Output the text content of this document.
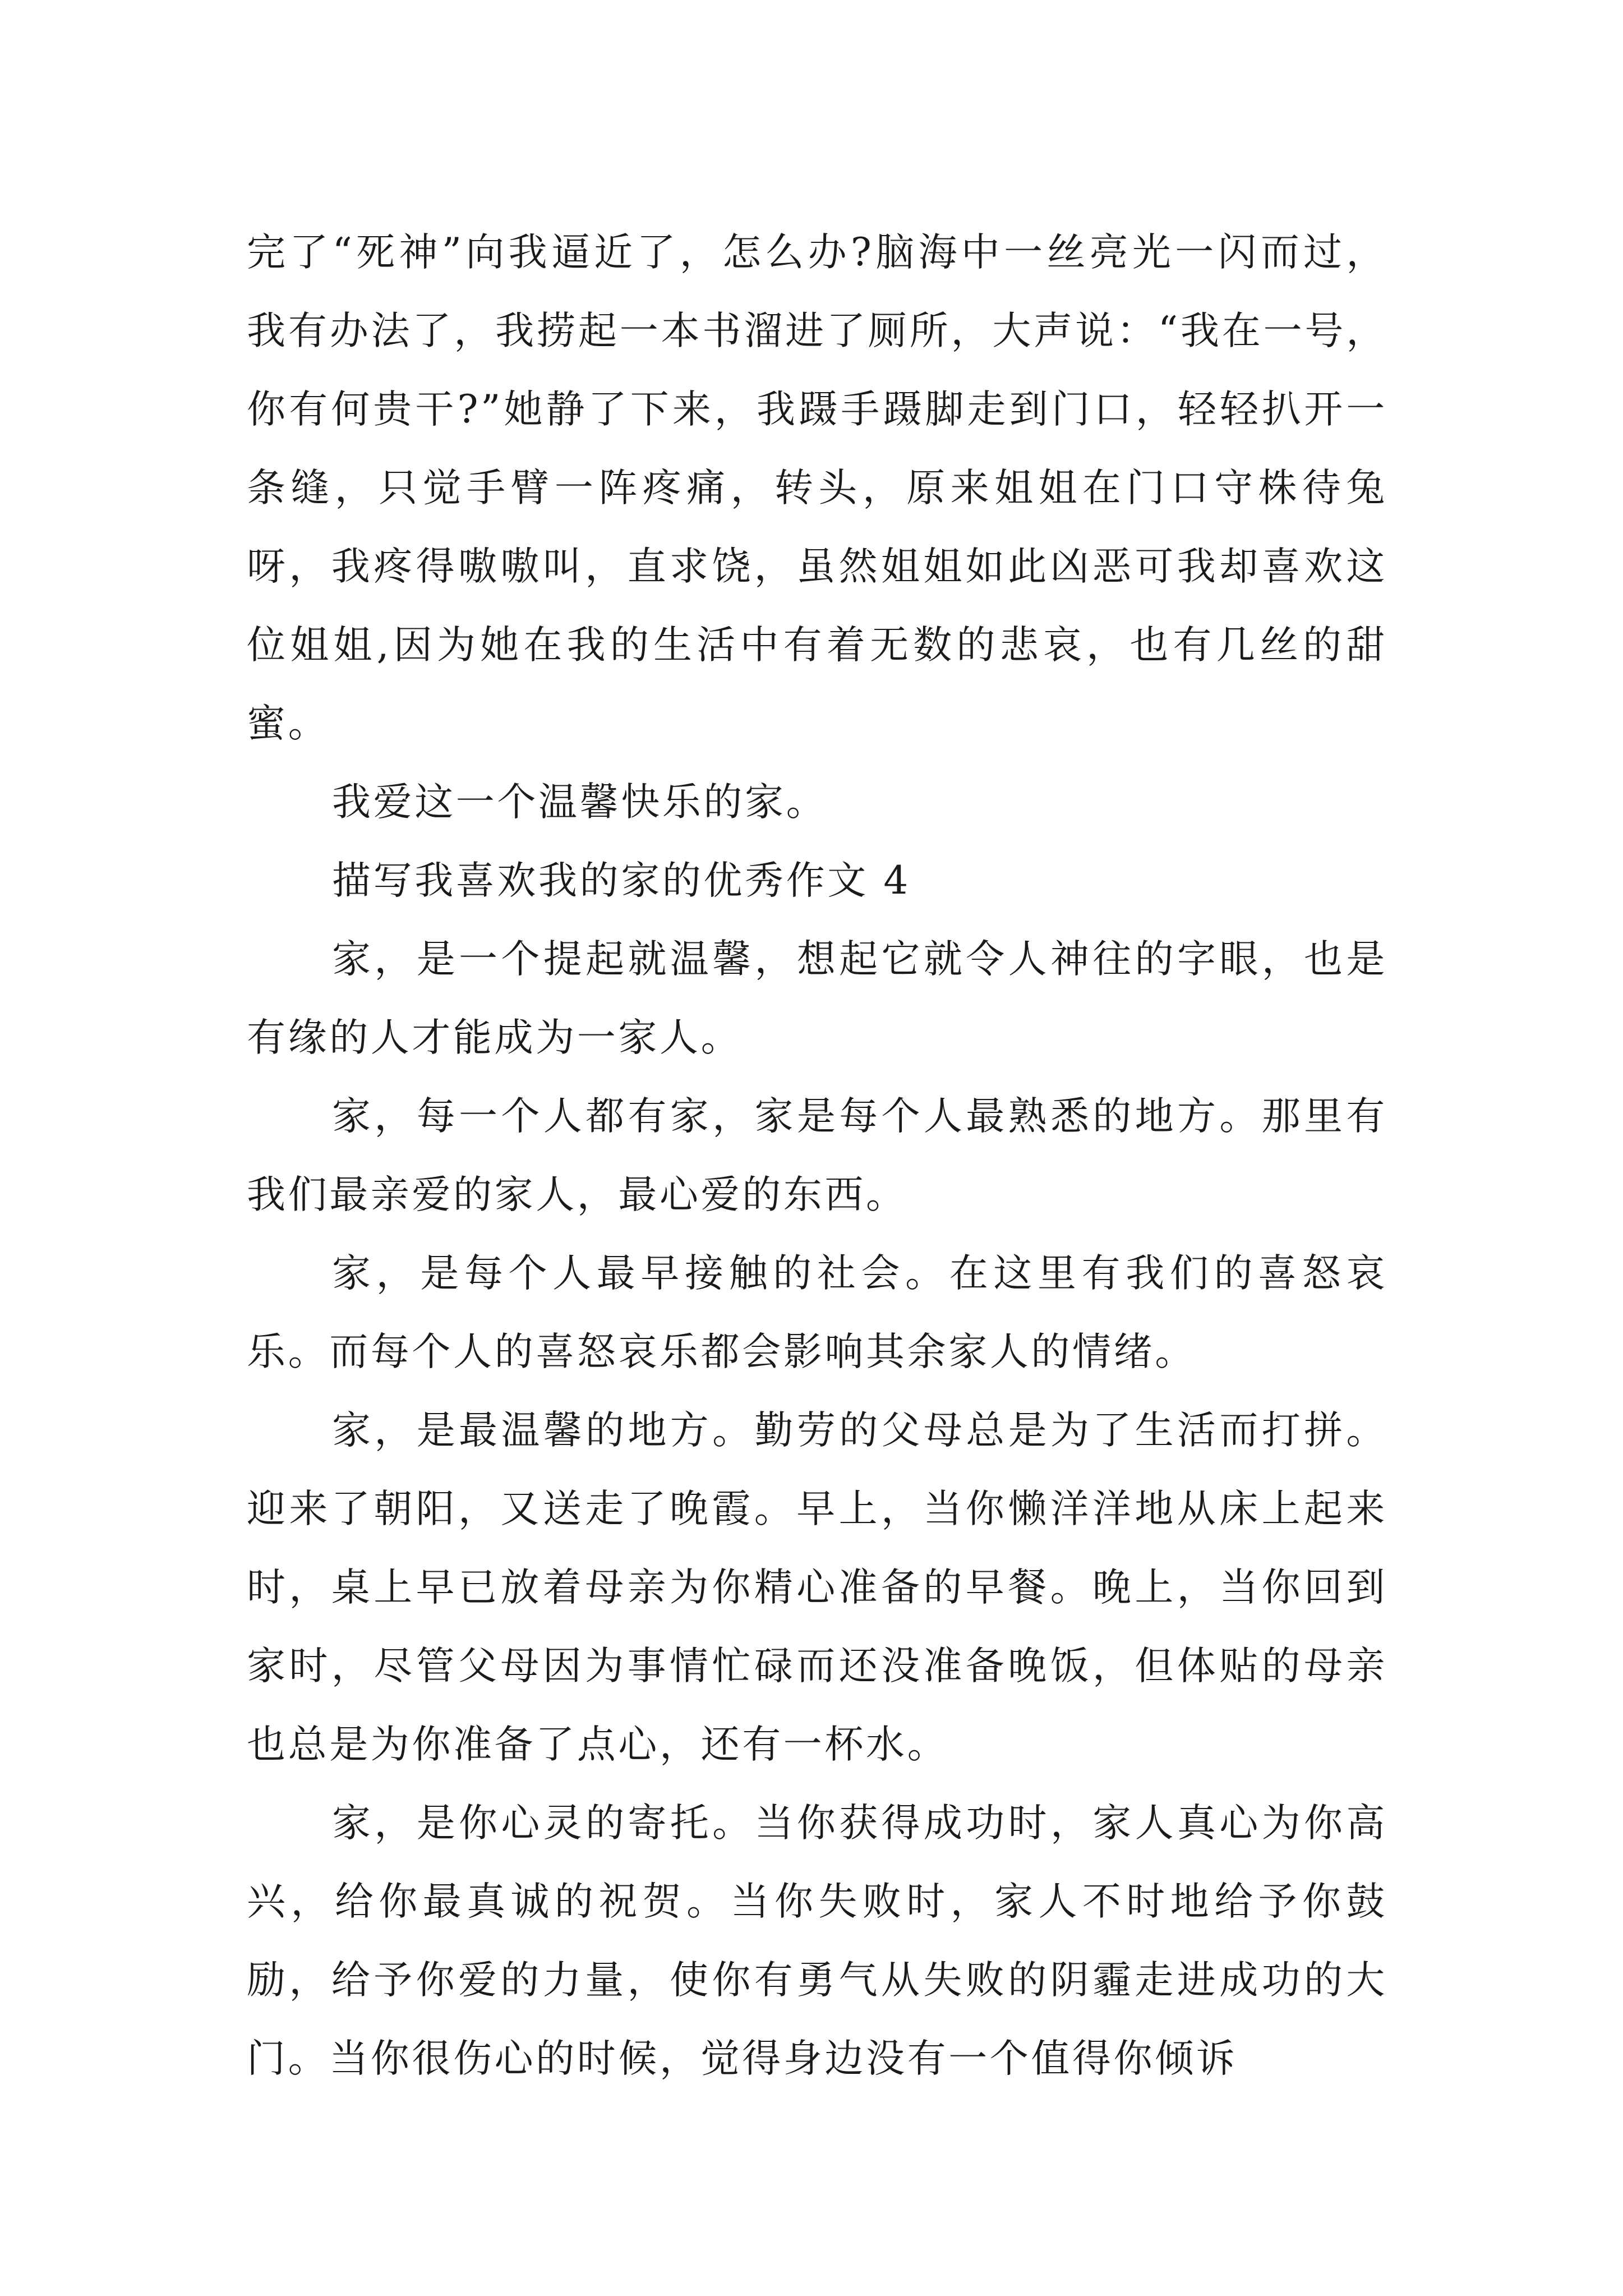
完了“死神”向我逼近了，怎么办?脑海中一丝亮光一闪而过，我有办法了，我捞起一本书溜进了厕所，大声说：“我在一号，你有何贵干?”她静了下来，我蹑手蹑脚走到门口，轻轻扒开一条缝，只觉手臂一阵疼痛，转头，原来姐姐在门口守株待兔呀，我疼得嗷嗷叫，直求饶，虽然姐姐如此凶恶可我却喜欢这位姐姐,因为她在我的生活中有着无数的悲哀，也有几丝的甜蜜。

我爱这一个温馨快乐的家。

描写我喜欢我的家的优秀作文 4

家，是一个提起就温馨，想起它就令人神往的字眼，也是有缘的人才能成为一家人。

家，每一个人都有家，家是每个人最熟悉的地方。那里有我们最亲爱的家人，最心爱的东西。

家，是每个人最早接触的社会。在这里有我们的喜怒哀乐。而每个人的喜怒哀乐都会影响其余家人的情绪。

家，是最温馨的地方。勤劳的父母总是为了生活而打拼。迎来了朝阳，又送走了晚霞。早上，当你懒洋洋地从床上起来时，桌上早已放着母亲为你精心准备的早餐。晚上，当你回到家时，尽管父母因为事情忙碌而还没准备晚饭，但体贴的母亲也总是为你准备了点心，还有一杯水。

家，是你心灵的寄托。当你获得成功时，家人真心为你高兴，给你最真诚的祝贺。当你失败时，家人不时地给予你鼓励，给予你爱的力量，使你有勇气从失败的阴霾走进成功的大门。当你很伤心的时候，觉得身边没有一个值得你倾诉
